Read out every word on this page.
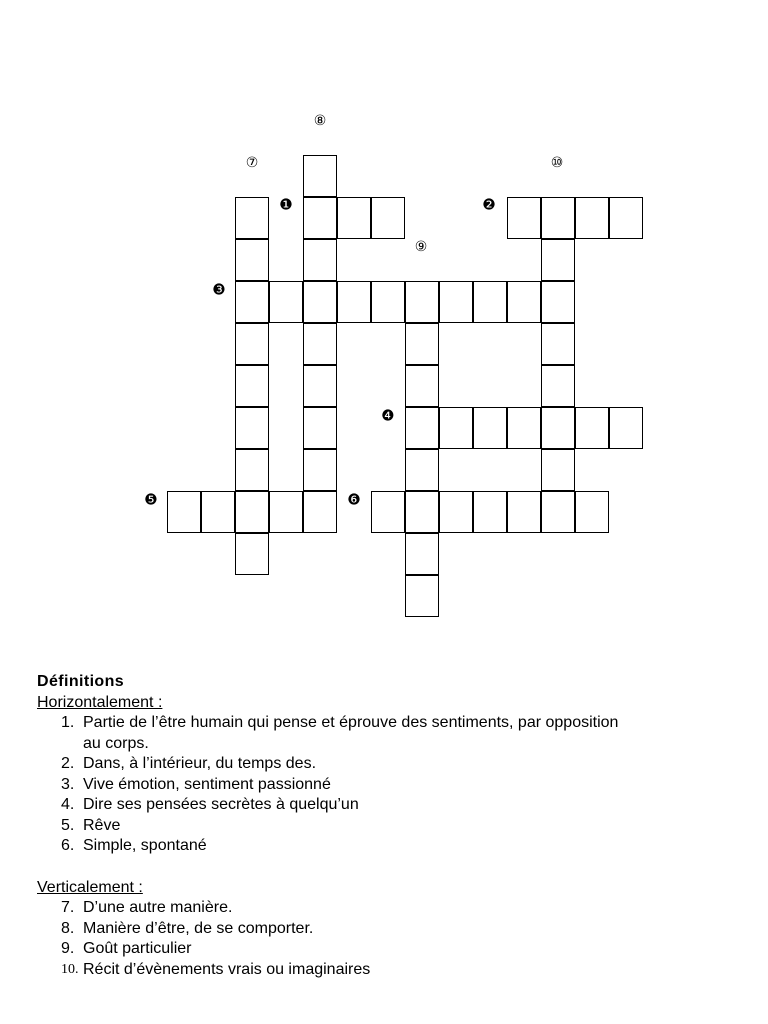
❶	❷
❸
❹
❺	❻
⑦
⑧
⑨
⑩
Définitions
Horizontalement :
1. Partie de l’être humain qui pense et éprouve des sentiments, par opposition
au corps.
2. Dans, à l’intérieur, du temps des.
3. Vive émotion, sentiment passionné
4. Dire ses pensées secrètes à quelqu’un
5. Rêve
6. Simple, spontané
Verticalement :
7. D’une autre manière.
8. Manière d’être, de se comporter.
9. Goût particulier
10. Récit d’évènements vrais ou imaginaires
